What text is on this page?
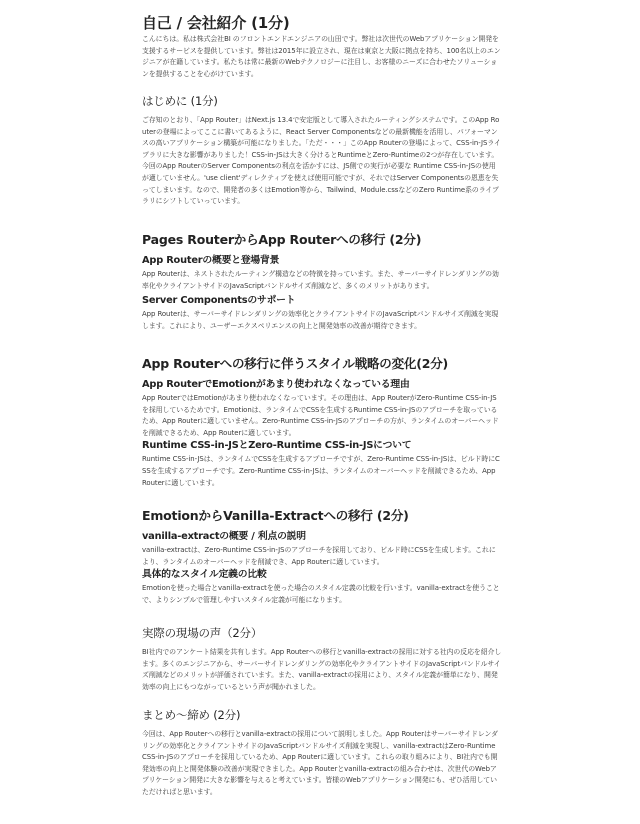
自己 / 会社紹介 (1分)

こんにちは。私は株式会社BI のフロントエンドエンジニアの山田です。弊社は次世代のWebアプリケーション開発を支援するサービスを提供しています。弊社は2015年に設立され、現在は東京と大阪に拠点を持ち、100名以上のエンジニアが在籍しています。私たちは常に最新のWebテクノロジーに注目し、お客様のニーズに合わせたソリューションを提供することを心がけています。

はじめに (1分)

ご存知のとおり、「App Router」はNext.js 13.4で安定版として導入されたルーティングシステムです。このApp Routerの登場によってここに書いてあるように、React Server Componentsなどの最新機能を活用し、パフォーマンスの高いアプリケーション構築が可能になりました。「ただ・・・」このApp Routerの登場によって、CSS-in-JSライブラリに大きな影響がありました！CSS-in-JSは大きく分けるとRuntimeとZero-Runtimeの2つが存在しています。今回のApp RouterのServer Componentsの利点を活かすには、JS側での実行が必要な Runtime CSS-in-JSの使用が適していません。'use client'ディレクティブを使えば使用可能ですが、それではServer Componentsの恩恵を失ってしまいます。なので、開発者の多くはEmotion等から、Tailwind、Module.cssなどのZero Runtime系のライブラリにシフトしていっています。

Pages RouterからApp Routerへの移行 (2分)
App Routerの概要と登場背景

App Routerは、ネストされたルーティング構造などの特徴を持っています。また、サーバーサイドレンダリングの効率化やクライアントサイドのJavaScriptバンドルサイズ削減など、多くのメリットがあります。

Server Componentsのサポート

App Routerは、サーバーサイドレンダリングの効率化とクライアントサイドのJavaScriptバンドルサイズ削減を実現します。これにより、ユーザーエクスペリエンスの向上と開発効率の改善が期待できます。

App Routerへの移行に伴うスタイル戦略の変化(2分)
App RouterでEmotionがあまり使われなくなっている理由

App RouterではEmotionがあまり使われなくなっています。その理由は、App RouterがZero-Runtime CSS-in-JSを採用しているためです。Emotionは、ランタイムでCSSを生成するRuntime CSS-in-JSのアプローチを取っているため、App Routerに適していません。Zero-Runtime CSS-in-JSのアプローチの方が、ランタイムのオーバーヘッドを削減できるため、App Routerに適しています。

Runtime CSS-in-JSとZero-Runtime CSS-in-JSについて

Runtime CSS-in-JSは、ランタイムでCSSを生成するアプローチですが、Zero-Runtime CSS-in-JSは、ビルド時にCSSを生成するアプローチです。Zero-Runtime CSS-in-JSは、ランタイムのオーバーヘッドを削減できるため、App Routerに適しています。

EmotionからVanilla-Extractへの移行 (2分)
vanilla-extractの概要 / 利点の説明

vanilla-extractは、Zero-Runtime CSS-in-JSのアプローチを採用しており、ビルド時にCSSを生成します。これにより、ランタイムのオーバーヘッドを削減でき、App Routerに適しています。

具体的なスタイル定義の比較

Emotionを使った場合とvanilla-extractを使った場合のスタイル定義の比較を行います。vanilla-extractを使うことで、よりシンプルで管理しやすいスタイル定義が可能になります。

実際の現場の声（2分）

BI社内でのアンケート結果を共有します。App Routerへの移行とvanilla-extractの採用に対する社内の反応を紹介します。多くのエンジニアから、サーバーサイドレンダリングの効率化やクライアントサイドのJavaScriptバンドルサイズ削減などのメリットが評価されています。また、vanilla-extractの採用により、スタイル定義が簡単になり、開発効率の向上にもつながっているという声が聞かれました。

まとめ〜締め (2分)

今回は、App Routerへの移行とvanilla-extractの採用について説明しました。App Routerはサーバーサイドレンダリングの効率化とクライアントサイドのJavaScriptバンドルサイズ削減を実現し、vanilla-extractはZero-Runtime CSS-in-JSのアプローチを採用しているため、App Routerに適しています。これらの取り組みにより、BI社内でも開発効率の向上と開発体験の改善が実現できました。App Routerとvanilla-extractの組み合わせは、次世代のWebアプリケーション開発に大きな影響を与えると考えています。皆様のWebアプリケーション開発にも、ぜひ活用していただければと思います。
